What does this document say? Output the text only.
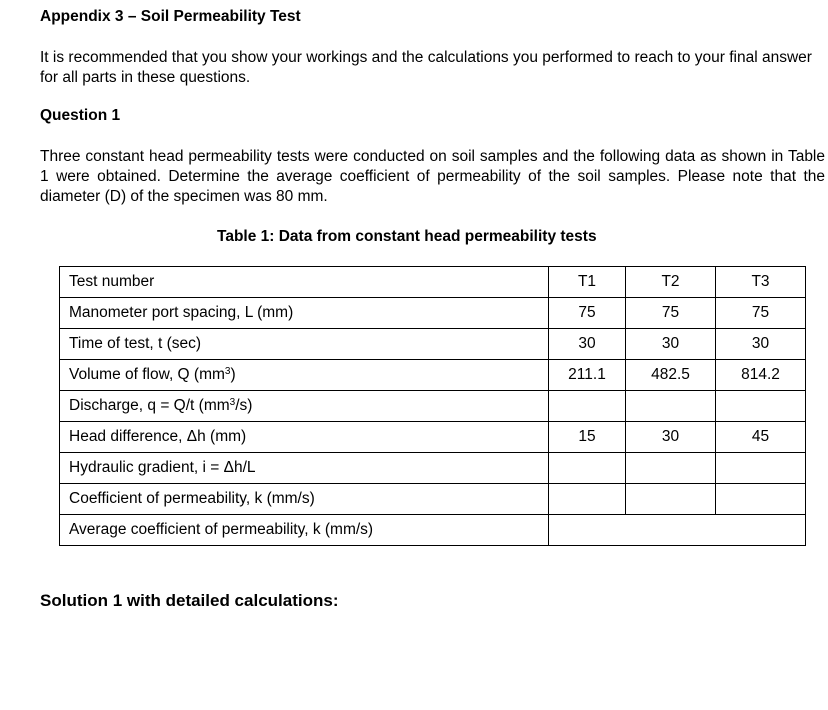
Appendix 3 – Soil Permeability Test
It is recommended that you show your workings and the calculations you performed to reach to your final answer for all parts in these questions.
Question 1
Three constant head permeability tests were conducted on soil samples and the following data as shown in Table 1 were obtained. Determine the average coefficient of permeability of the soil samples. Please note that the diameter (D) of the specimen was 80 mm.
Table 1: Data from constant head permeability tests
Test number	T1	T2	T3
Manometer port spacing, L (mm)	75	75	75
Time of test, t (sec)	30	30	30
Volume of flow, Q $(mm^3)$	211.1	482.5	814.2
Discharge, q = Q/t $(mm^3/s)$			
Head difference, Δh (mm)	15	30	45
Hydraulic gradient, i = Δh/L			
Coefficient of permeability, k (mm/s)			
Average coefficient of permeability, k (mm/s)			
Solution 1 with detailed calculations:
